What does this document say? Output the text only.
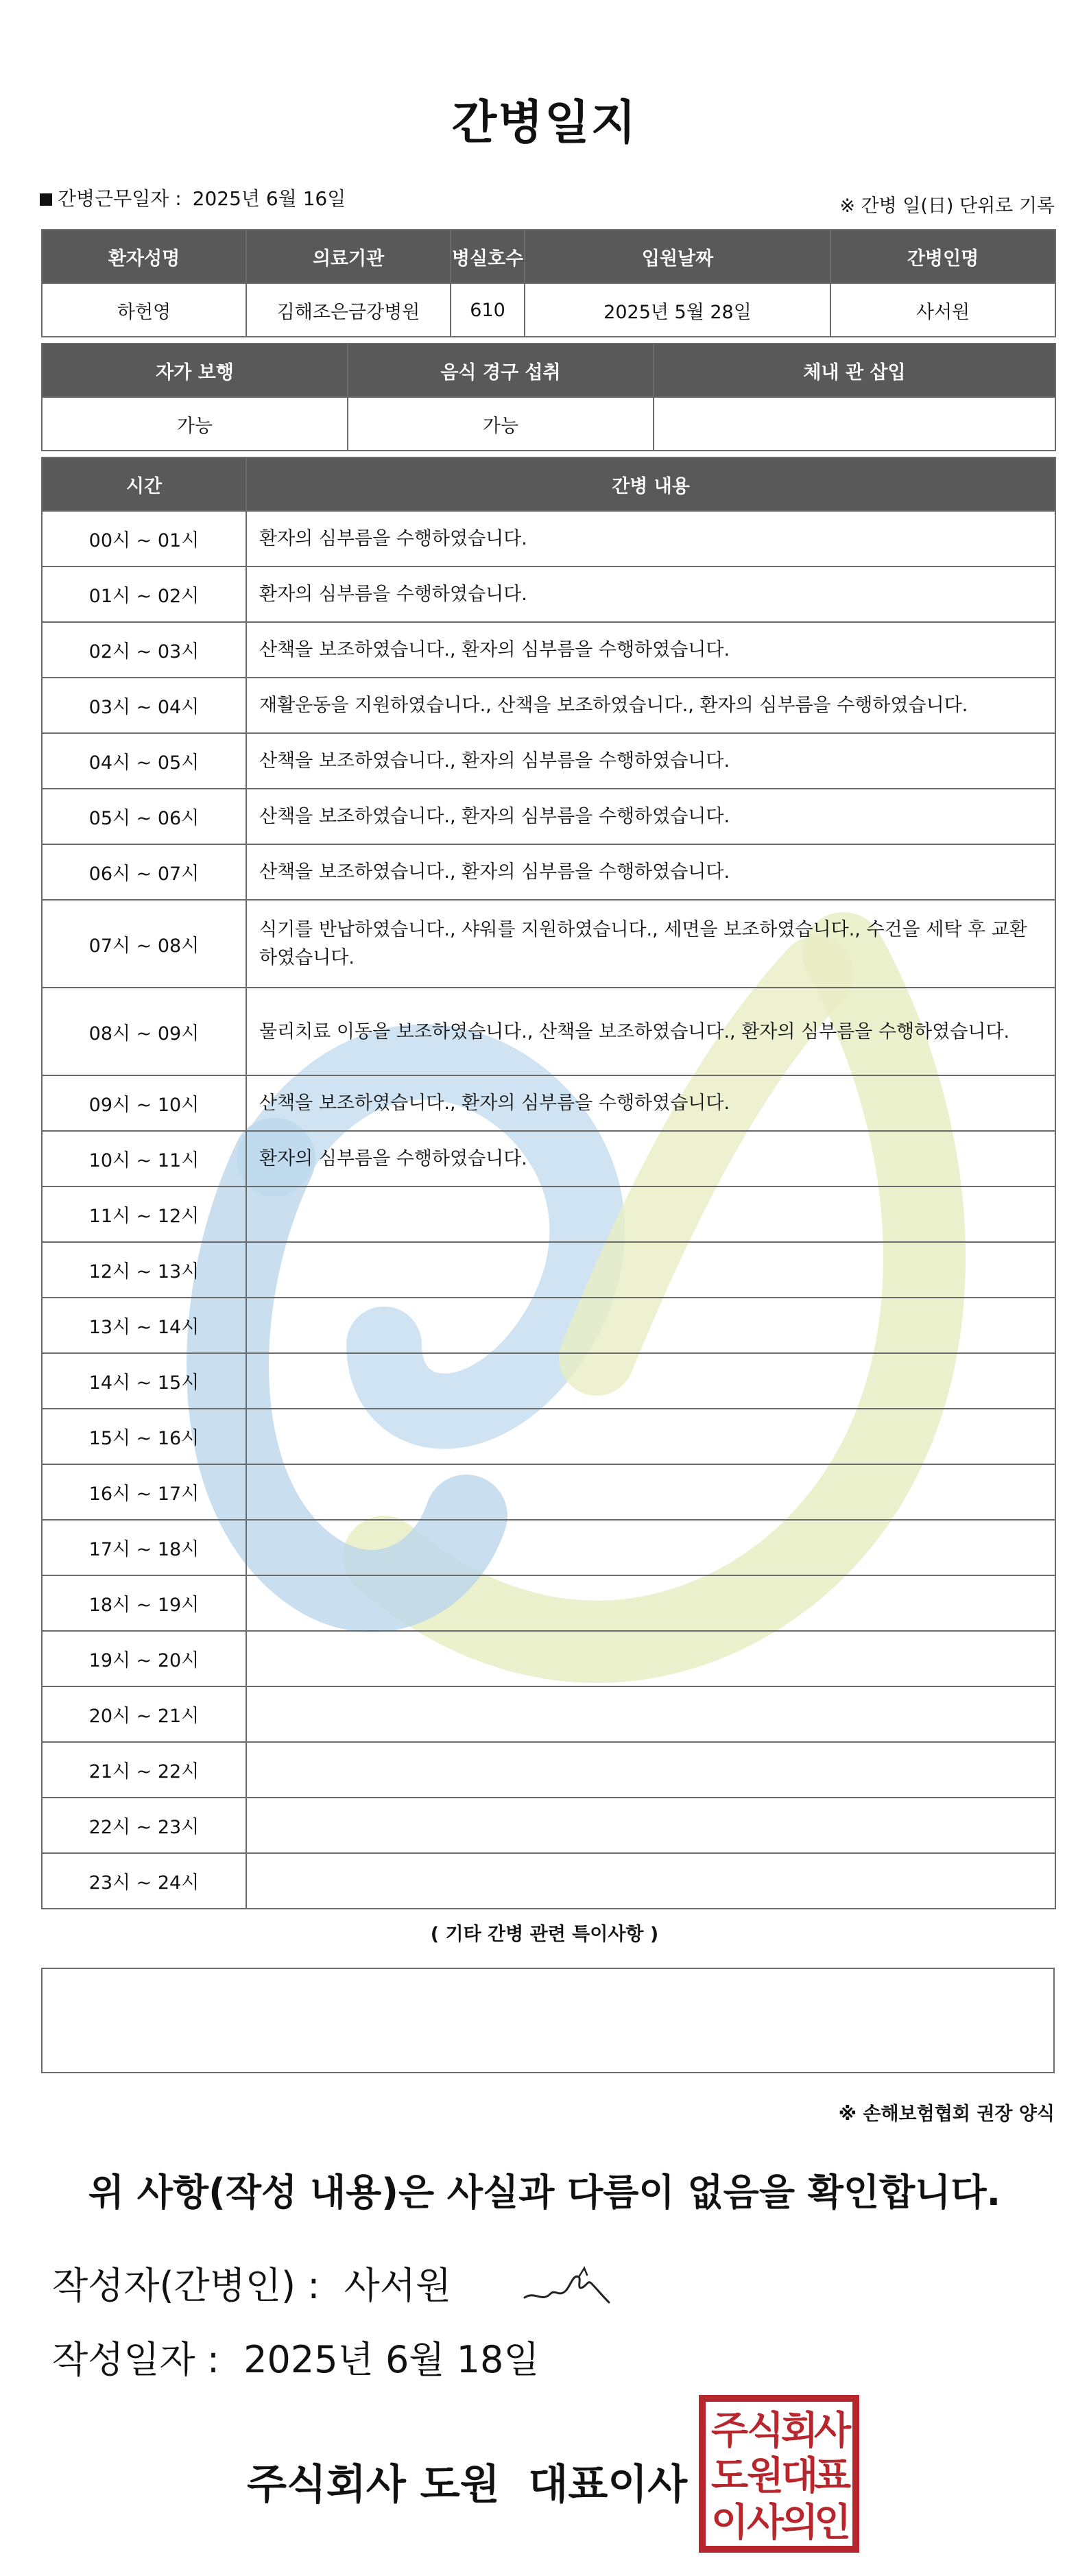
간병일지
간병근무일자 : 2025년 6월 16일	※ 간병 일(日) 단위로 기록
환자성명	의료기관	병실호수	입원날짜	간병인명
하헌영	김해조은금강병원	610	2025년 5월 28일	사서원
자가 보행	음식 경구 섭취	체내 관 삽입
가능	가능	
시간	간병 내용
00시 ~ 01시	환자의 심부름을 수행하였습니다.
01시 ~ 02시	환자의 심부름을 수행하였습니다.
02시 ~ 03시	산책을 보조하였습니다., 환자의 심부름을 수행하였습니다.
03시 ~ 04시	재활운동을 지원하였습니다., 산책을 보조하였습니다., 환자의 심부름을 수행하였습니다.
04시 ~ 05시	산책을 보조하였습니다., 환자의 심부름을 수행하였습니다.
05시 ~ 06시	산책을 보조하였습니다., 환자의 심부름을 수행하였습니다.
06시 ~ 07시	산책을 보조하였습니다., 환자의 심부름을 수행하였습니다.
07시 ~ 08시	식기를 반납하였습니다., 샤워를 지원하였습니다., 세면을 보조하였습니다., 수건을 세탁 후 교환하였습니다.
08시 ~ 09시	물리치료 이동을 보조하였습니다., 산책을 보조하였습니다., 환자의 심부름을 수행하였습니다.
09시 ~ 10시	산책을 보조하였습니다., 환자의 심부름을 수행하였습니다.
10시 ~ 11시	환자의 심부름을 수행하였습니다.
11시 ~ 12시	
12시 ~ 13시	
13시 ~ 14시	
14시 ~ 15시	
15시 ~ 16시	
16시 ~ 17시	
17시 ~ 18시	
18시 ~ 19시	
19시 ~ 20시	
20시 ~ 21시	
21시 ~ 22시	
22시 ~ 23시	
23시 ~ 24시	
( 기타 간병 관련 특이사항 )
※ 손해보험협회 권장 양식
위 사항(작성 내용)은 사실과 다름이 없음을 확인합니다.
작성자(간병인) : 사서원
작성일자 : 2025년 6월 18일
주식회사 도원  대표이사
주
식
회
사
도
원
대
표
이
사
의
인
